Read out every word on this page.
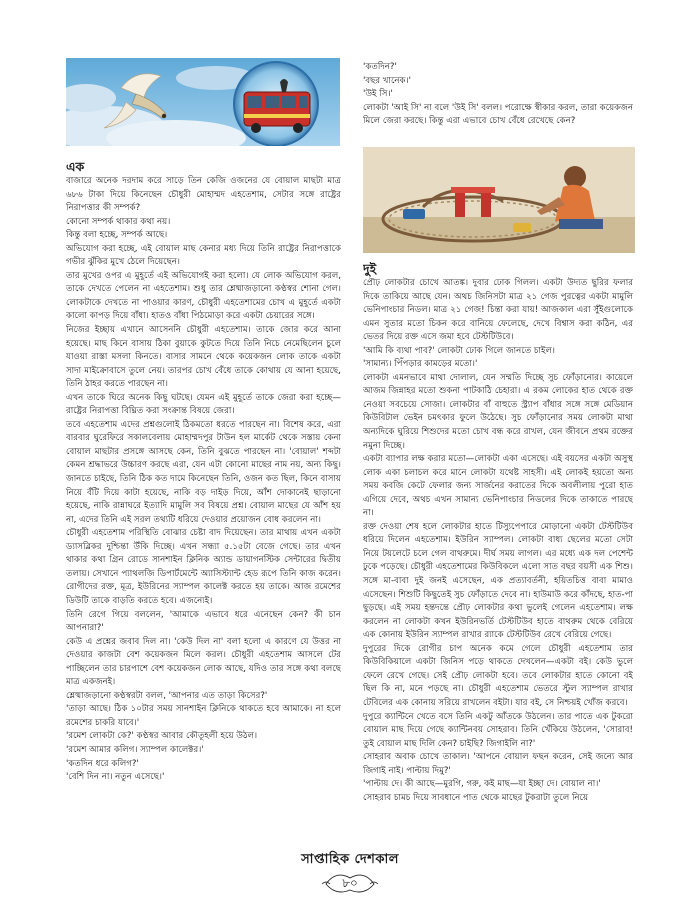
এক

বাজারে অনেক দরদাম করে সাড়ে তিন কেজি ওজনের যে বোয়াল মাছটা মাত্র ৬৮৬ টাকা দিয়ে কিনেছেন চৌধুরী মোহাম্মদ এহতেশাম, সেটার সঙ্গে রাষ্ট্রের নিরাপত্তার কী সম্পর্ক?

কোনো সম্পর্ক থাকার কথা নয়।

কিন্তু বলা হচ্ছে, সম্পর্ক আছে।

অভিযোগ করা হচ্ছে, এই বোয়াল মাছ কেনার মধ্য দিয়ে তিনি রাষ্ট্রের নিরাপত্তাকে গভীর ঝুঁকির মুখে ঠেলে দিয়েছেন।

তার মুখের ওপর এ মুহূর্তে এই অভিযোগই করা হলো। যে লোক অভিযোগ করল, তাকে দেখতে পেলেন না এহতেশাম। শুধু তার শ্লেষ্মাজড়ানো কণ্ঠস্বর শোনা গেল। লোকটাকে দেখতে না পাওয়ার কারণ, চৌধুরী এহতেশামের চোখ এ মুহূর্তে একটা কালো কাপড় দিয়ে বাঁধা। হাতও বাঁধা পিঠমোড়া করে একটা চেয়ারের সঙ্গে।

নিজের ইচ্ছায় এখানে আসেননি চৌধুরী এহতেশাম। তাকে জোর করে আনা হয়েছে। মাছ কিনে বাসায় ঠিকা বুয়াকে কুটতে দিয়ে তিনি নিচে নেমেছিলেন চুলে যাওয়া রাস্তা মসলা কিনতে। বাসার সামনে থেকে কয়েকজন লোক তাকে একটা সাদা মাইক্রোবাসে তুলে নেয়। তারপর চোখ বেঁধে তাকে কোথায় যে আনা হয়েছে, তিনি ঠাহর করতে পারছেন না।

এখন তাকে ঘিরে অনেক কিছু ঘটছে। যেমন এই মুহূর্তে তাকে জেরা করা হচ্ছে—রাষ্ট্রের নিরাপত্তা বিঘ্নিত করা সংক্রান্ত বিষয়ে জেরা।

তবে এহতেশাম এদের প্রশ্নগুলোই ঠিকমতো ধরতে পারছেন না। বিশেষ করে, এরা বারবার ঘুরেফিরে সকালবেলায় মোহাম্মদপুর টাউন হল মার্কেট থেকে সস্তায় কেনা বোয়াল মাছটার প্রসঙ্গে আসছে কেন, তিনি বুঝতে পারছেন না। 'বোয়াল' শব্দটা কেমন শ্রদ্ধাভরে উচ্চারণ করছে এরা, যেন এটা কোনো মাছের নাম নয়, অন্য কিছু। জানতে চাইছে, তিনি ঠিক কত দামে কিনেছেন তিনি, ওজন কত ছিল, কিনে বাসায় নিয়ে বঁটি দিয়ে কাটা হয়েছে, নাকি বড় দাইড় দিয়ে, আঁশ দোকানেই ছাড়ানো হয়েছে, নাকি রান্নাঘরে ইত্যাদি মামুলি সব বিষয়ে প্রশ্ন। বোয়াল মাছের যে আঁশ হয় না, এদের তিনি এই সরল তথ্যটি ধরিয়ে দেওয়ার প্রয়োজন বোধ করলেন না।

চৌধুরী এহতেশাম পরিস্থিতি বোঝার চেষ্টা বাদ দিয়েছেন। তার মাথায় এখন একটা ড্যাসব্লিকর দুশ্চিন্তা উঁকি দিচ্ছে। এখন সন্ধ্যা ৫.১৫টা বেজে গেছে। তার এখন থাকার কথা গ্রিন রোডে সানশাইন ক্লিনিক অ্যান্ড ডায়াগনস্টিক সেন্টারের দ্বিতীয় তলায়। সেখানে প্যাথলজি ডিপার্টমেন্টে অ্যাসিস্ট্যান্ট হেড রূপে তিনি কাজ করেন। রোগীদের রক্ত, মূত্র, ইউরিনের স্যাম্পল কালেক্ট করতে হয় তাকে। আজ রমেশের ডিউটি তাকে বাড়তি করতে হবে। এজন্যেই।

তিনি রেগে গিয়ে বললেন, 'আমাকে এভাবে ধরে এনেছেন কেন? কী চান আপনারা?'

কেউ এ প্রশ্নের জবাব দিল না। 'কেউ দিল না' বলা হলো এ কারণে যে উত্তর না দেওয়ার কাজটা বেশ কয়েকজন মিলে করল। চৌধুরী এহতেশাম আসলে টের পাচ্ছিলেন তার চারপাশে বেশ কয়েকজন লোক আছে, যদিও তার সঙ্গে কথা বলছে মাত্র একজনই।

শ্লেষ্মাজড়ানো কণ্ঠস্বরটা বলল, 'আপনার এত তাড়া কিসের?'

'তাড়া আছে। ঠিক ১০টার সময় সানশাইন ক্লিনিকে থাকতে হবে আমাকে। না হলে রমেশের চাকরি যাবে।'

'রমেশ লোকটা কে?' কণ্ঠস্বর আবার কৌতূহলী হয়ে উঠল।

'রমেশ আমার কলিগ। স্যাম্পল কালেক্টর।'

'কতদিন ধরে কলিগ?'

'বেশি দিন না। নতুন এসেছে।'

'কতদিন?'

'বছর খানেক।'

'উই সি।'

লোকটা 'আই সি' না বলে 'উই সি' বলল। পরোক্ষে স্বীকার করল, তারা কয়েকজন মিলে জেরা করছে। কিন্তু এরা এভাবে চোখ বেঁধে রেখেছে কেন?

দুই

প্রৌঢ় লোকটার চোখে আতঙ্ক। দুবার ঢোক গিলল। একটা উদ্যত ছুরির ফলার দিকে তাকিয়ে আছে যেন। অথচ জিনিসটা মাত্র ২১ গেজ পুরত্বের একটা মামুলি ভেনিপাংচার নিডল। মাত্র ২১ গেজ! চিন্তা করা যায়! আজকাল এরা সুঁইগুলোকে এমন সুতার মতো চিকন করে বানিয়ে ফেলেছে, দেখে বিশ্বাস করা কঠিন, এর ভেতর দিয়ে রক্ত এসে জমা হবে টেস্টটিউবে।

'আমি কি ব্যথা পাব?' লোকটা ঢোক গিলে জানতে চাইল।

'সামান্য। পিঁপড়ার কামড়ের মতো।'

লোকটা এমনভাবে মাথা দোলাল, যেন সম্মতি দিচ্ছে সুচ ফোঁড়ানোর। কায়েলে আজম জিন্নাহর মতো শুকনা পাটকাঠি চেহারা। এ রকম লোকের হাত থেকে রক্ত নেওয়া সবচেয়ে সোজা। লোকটার বাঁ বাহুতে স্ট্র্যাপ বাঁধার সঙ্গে সঙ্গে মেডিয়ান কিউবিটাল ভেইন চমৎকার ফুলে উঠেছে। সুচ ফোঁড়ানোর সময় লোকটা মাথা অন্যদিকে ঘুরিয়ে শিশুদের মতো চোখ বন্ধ করে রাখল, যেন জীবনে প্রথম রক্তের নমুনা দিচ্ছে।

একটা ব্যাপার লক্ষ করার মতো—লোকটা একা এসেছে। এই বয়সের একটা অসুস্থ লোক একা চলাচল করে মানে লোকটা যথেষ্ট সাহসী। এই লোকই হয়তো অন্য সময় কবজি কেটে ফেলার জন্য সার্জনের করাতের দিকে অবলীলায় পুরো হাত এগিয়ে দেবে, অথচ এখন সামান্য ভেনিপাংচার নিডলের দিকে তাকাতে পারছে না।

রক্ত দেওয়া শেষ হলে লোকটার হাতে টিস্যুপেপারে মোড়ানো একটা টেস্টটিউব ধরিয়ে দিলেন এহতেশাম। ইউরিন স্যাম্পল। লোকটা বাধ্য ছেলের মতো সেটা নিয়ে টয়লেটে চলে গেল বাথরুমে। দীর্ঘ সময় লাগল। এর মধ্যে এক দল পেশেন্ট ঢুকে পড়েছে। চৌধুরী এহতেশামের কিউবিকলে এলো সাত বছর বয়সী এক শিশু। সঙ্গে মা-বাবা দুই জনই এসেছেন, এক প্রত্যাবর্তনী, হয়িতচিত্ত বাবা মামাও এসেছেন। শিশুটি কিছুতেই সুচ ফোঁড়াতে দেবে না। হাউমাউ করে কাঁদছে, হাত-পা ছুড়ছে। এই সময় হন্তদন্তে প্রৌঢ় লোকটার কথা ভুলেই গেলেন এহতেশাম। লক্ষ করলেন না লোকটা কখন ইউরিনভর্তি টেস্টটিউব হাতে বাথরুম থেকে বেরিয়ে এক কোনায় ইউরিন স্যাম্পল রাখার র‍্যাকে টেস্টটিউব রেখে বেরিয়ে গেছে।

দুপুরের দিকে রোগীর চাপ অনেক কমে গেলে চৌধুরী এহতেশাম তার কিউবিকিয়ালে একটা জিনিস পড়ে থাকতে দেখলেন—একটা বই। কেউ ভুলে ফেলে রেখে গেছে। সেই প্রৌঢ় লোকটা হবে। তবে লোকটার হাতে কোনো বই ছিল কি না, মনে পড়ছে না। চৌধুরী এহতেশাম ভেতরে স্টুল স্যাম্পল রাখার টেবিলের এক কোনায় সরিয়ে রাখলেন বইটা। যার বই, সে নিশ্চয়ই খোঁজ করবে।

দুপুরে ক্যান্টিনে খেতে বসে তিনি একটু আঁতকে উঠলেন। তার পাতে এক টুকরো বোয়াল মাছ দিয়ে গেছে ক্যান্টিনবয় সোহরাব। তিনি খেঁকিয়ে উঠলেন, 'সোরাব! তুই বোয়াল মাছ দিলি কেন? চাইছি? জিগাইলি না?'

সোহরাব অবাক চোখে তাকাল। 'আপনে বোয়াল ফছন করেন, সেই জন্যে আর জিগাই নাই। পাল্টায় দিমু?'

'পাল্টায় দে। কী আছে—মুরগি, গরু, কই মাছ—যা ইচ্ছা দে। বোয়াল না।'

সোহরাব চামচ দিয়ে সাবধানে পাত থেকে মাছের টুকরাটা তুলে নিয়ে

সাপ্তাহিক দেশকাল
৮০
